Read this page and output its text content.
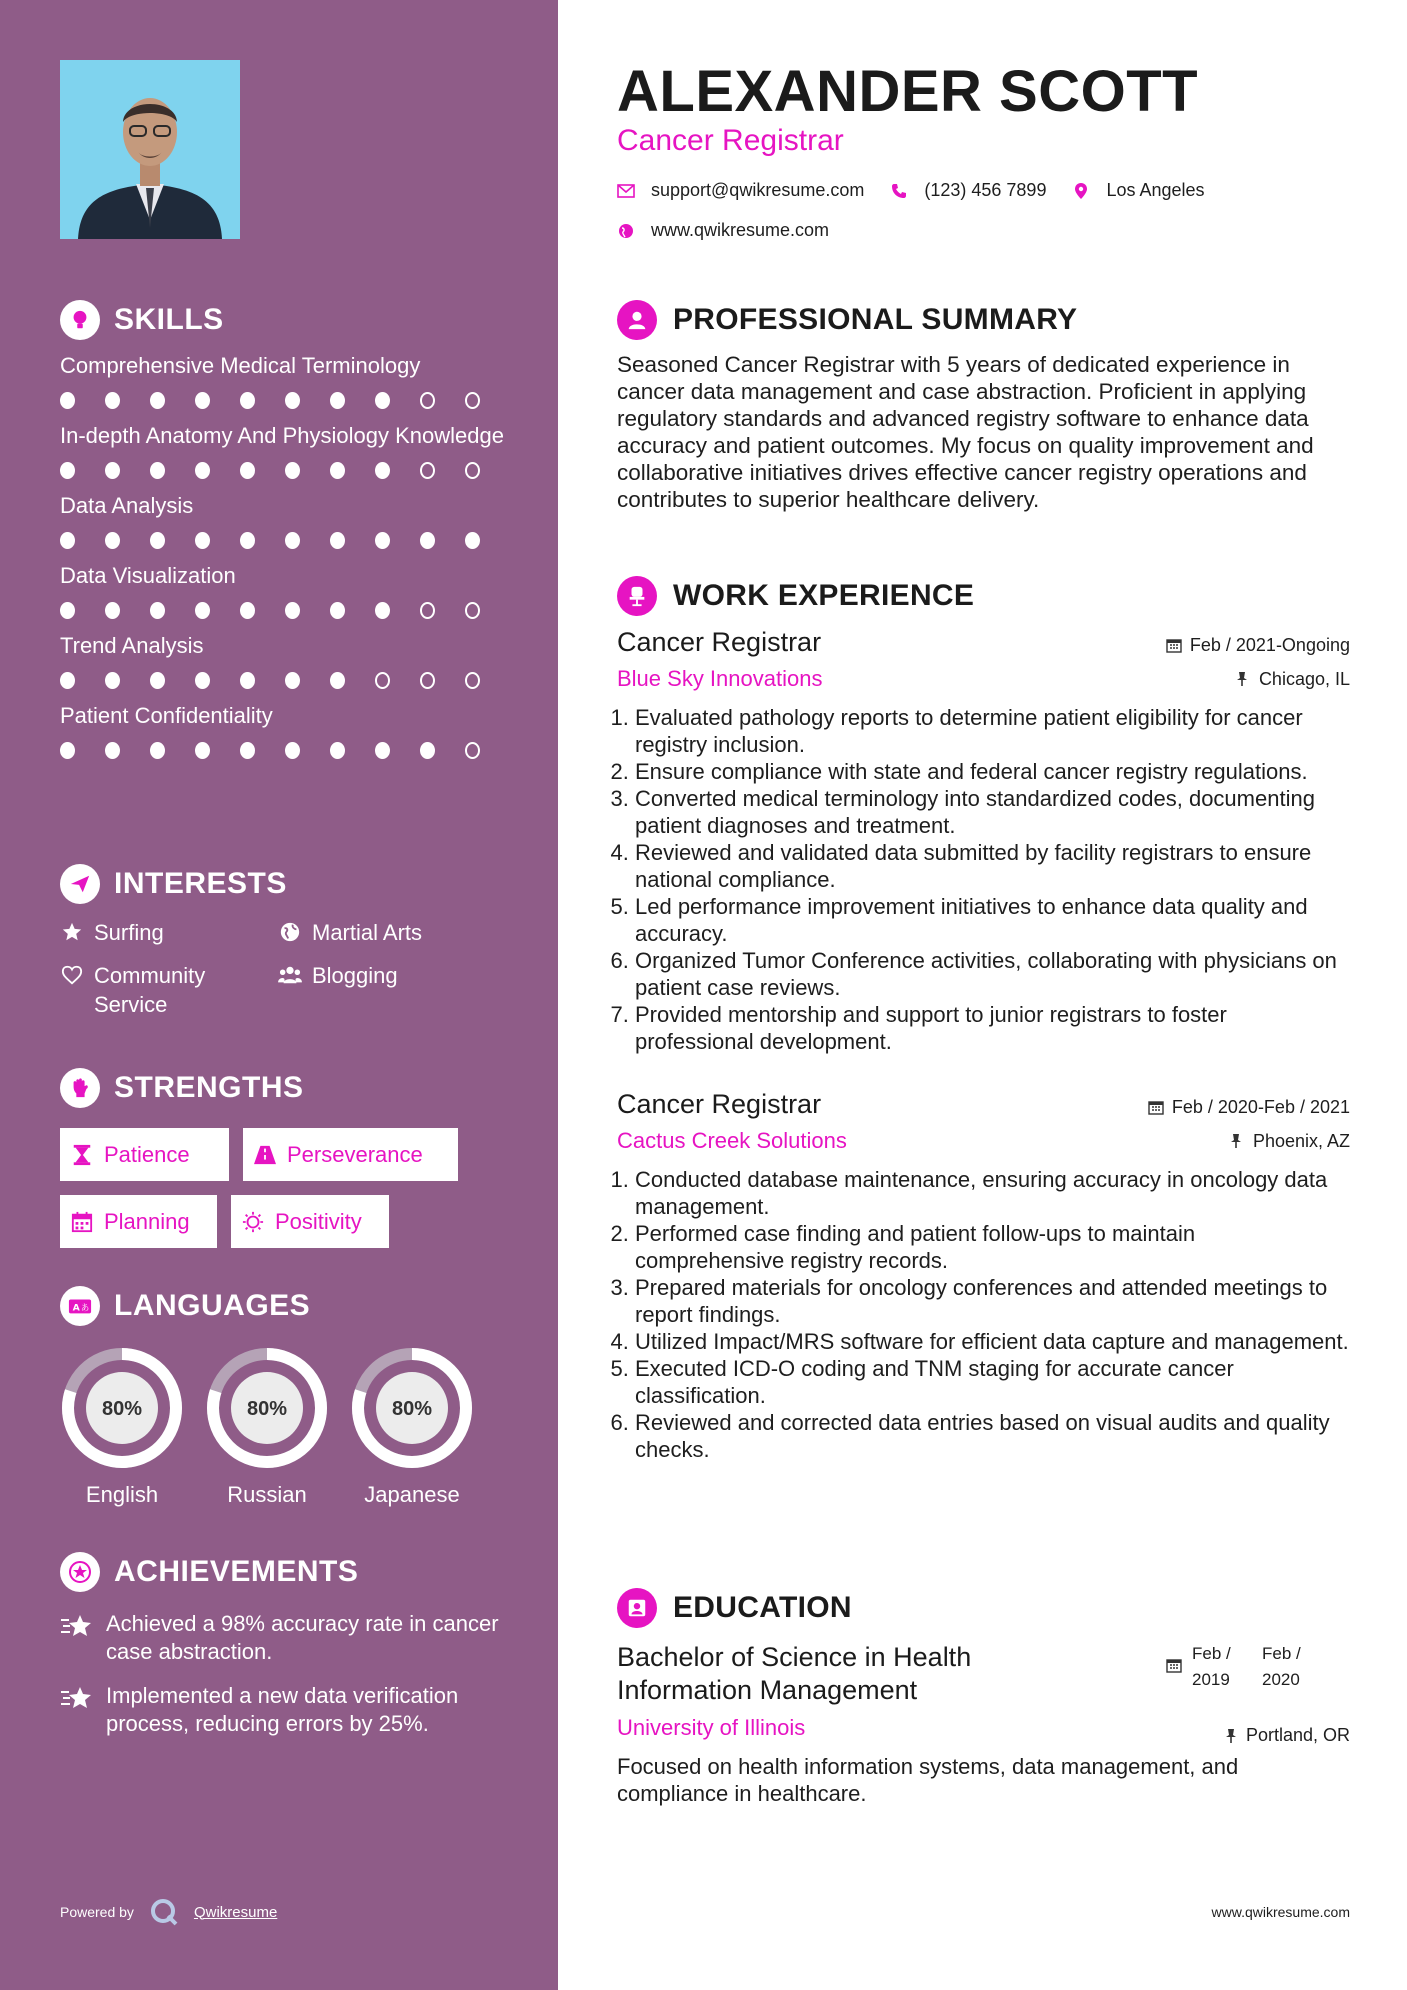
SKILLS
Comprehensive Medical Terminology
In-depth Anatomy And Physiology Knowledge
Data Analysis
Data Visualization
Trend Analysis
Patient Confidentiality
INTERESTS
Surfing	Martial Arts
Community Service
Blogging
STRENGTHS
Patience	Perseverance
Planning	Positivity
A あ LANGUAGES
80%
English
80%
Russian
80%
Japanese
ACHIEVEMENTS
Achieved a 98% accuracy rate in cancer case abstraction.
Implemented a new data verification process, reducing errors by 25%.
Powered by	Qwikresume
ALEXANDER SCOTT
Cancer Registrar
support@qwikresume.com	(123) 456 7899	Los Angeles
www.qwikresume.com
PROFESSIONAL SUMMARY

Seasoned Cancer Registrar with 5 years of dedicated experience in cancer data management and case abstraction. Proficient in applying regulatory standards and advanced registry software to enhance data accuracy and patient outcomes. My focus on quality improvement and collaborative initiatives drives effective cancer registry operations and contributes to superior healthcare delivery.

WORK EXPERIENCE
Cancer Registrar
Blue Sky Innovations
Feb / 2021-Ongoing
Chicago, IL
1. Evaluated pathology reports to determine patient eligibility for cancer registry inclusion.
2. Ensure compliance with state and federal cancer registry regulations.
3. Converted medical terminology into standardized codes, documenting patient diagnoses and treatment.
4. Reviewed and validated data submitted by facility registrars to ensure national compliance.
5. Led performance improvement initiatives to enhance data quality and accuracy.
6. Organized Tumor Conference activities, collaborating with physicians on patient case reviews.
7. Provided mentorship and support to junior registrars to foster professional development.
Cancer Registrar
Cactus Creek Solutions
Feb / 2020-Feb / 2021
Phoenix, AZ
1. Conducted database maintenance, ensuring accuracy in oncology data management.
2. Performed case finding and patient follow-ups to maintain comprehensive registry records.
3. Prepared materials for oncology conferences and attended meetings to report findings.
4. Utilized Impact/MRS software for efficient data capture and management.
5. Executed ICD-O coding and TNM staging for accurate cancer classification.
6. Reviewed and corrected data entries based on visual audits and quality checks.
EDUCATION
Bachelor of Science in Health Information Management
University of Illinois
Feb / 2019
Feb / 2020
Portland, OR

Focused on health information systems, data management, and compliance in healthcare.

www.qwikresume.com
